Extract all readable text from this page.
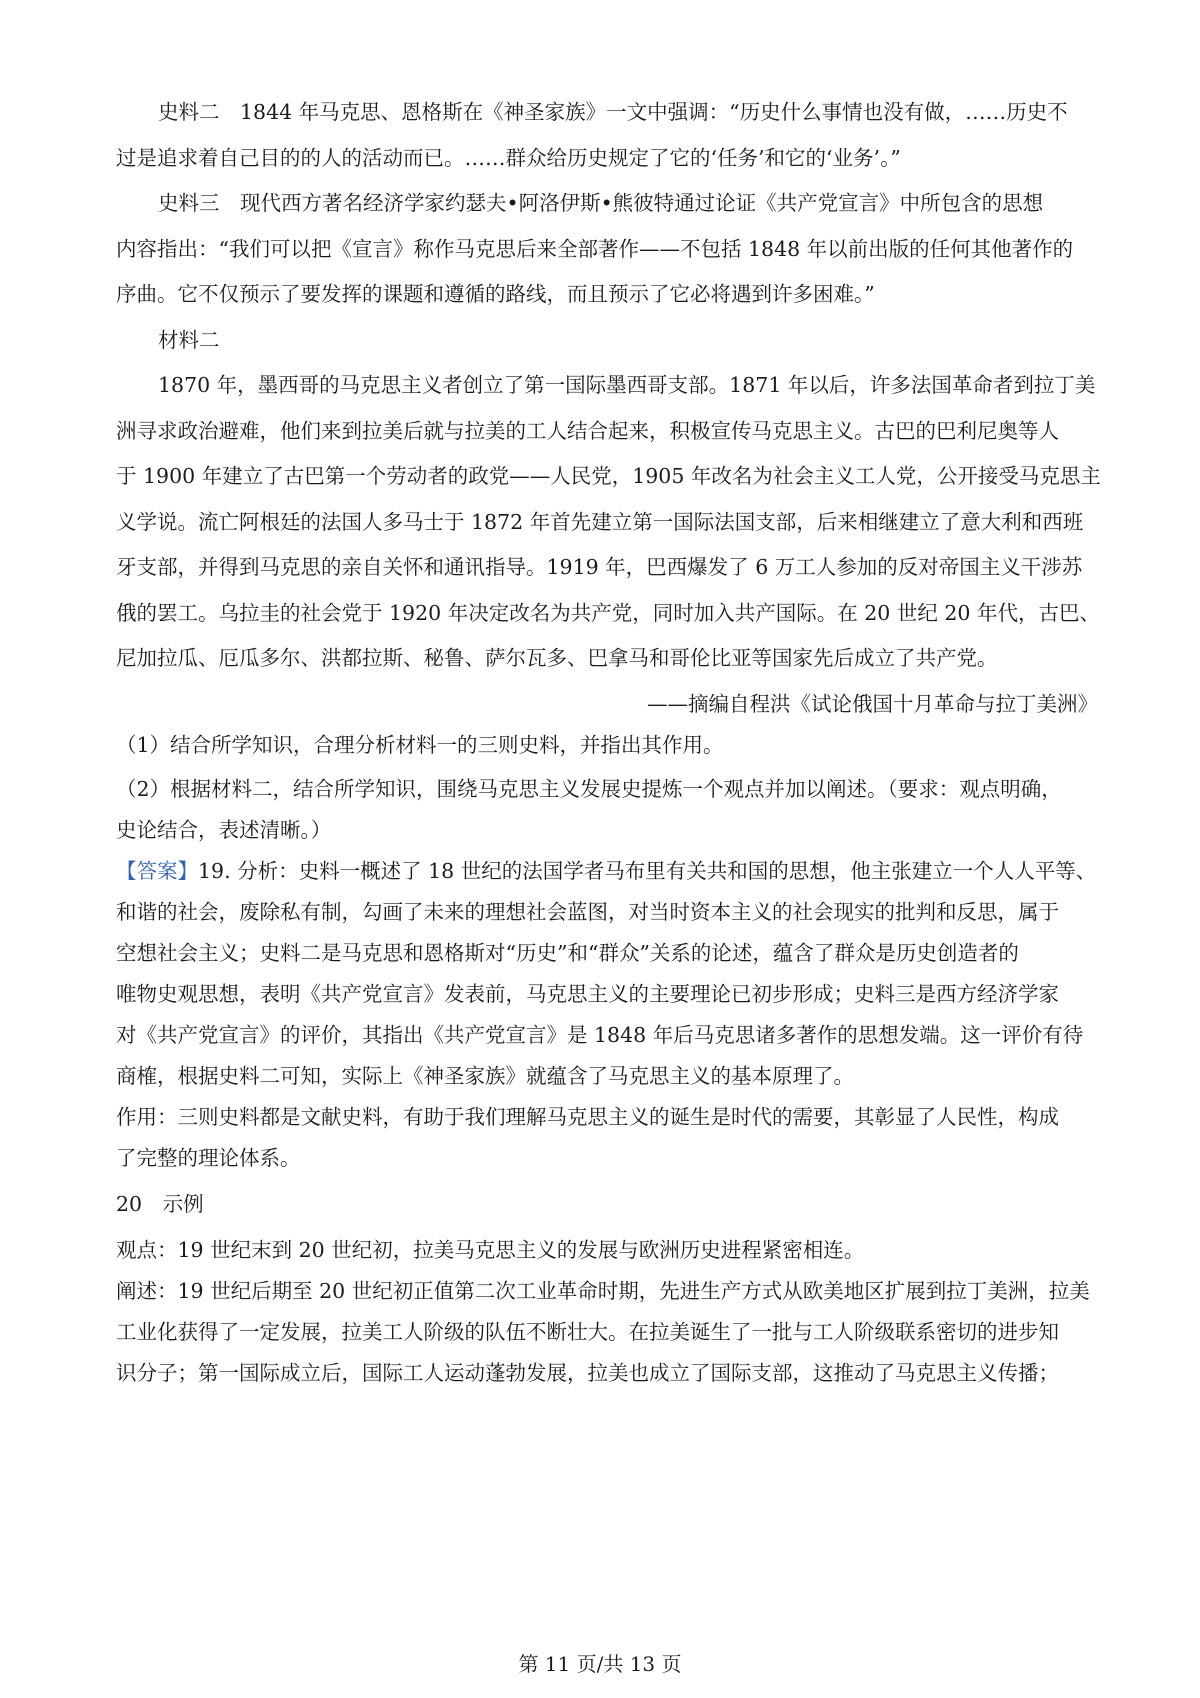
史料二　1844 年马克思、恩格斯在《神圣家族》一文中强调：“历史什么事情也没有做，……历史不

过是追求着自己目的的人的活动而已。……群众给历史规定了它的‘任务’和它的‘业务’。”

史料三　现代西方著名经济学家约瑟夫•阿洛伊斯•熊彼特通过论证《共产党宣言》中所包含的思想

内容指出：“我们可以把《宣言》称作马克思后来全部著作——不包括 1848 年以前出版的任何其他著作的

序曲。它不仅预示了要发挥的课题和遵循的路线，而且预示了它必将遇到许多困难。”

材料二

1870 年，墨西哥的马克思主义者创立了第一国际墨西哥支部。1871 年以后，许多法国革命者到拉丁美

洲寻求政治避难，他们来到拉美后就与拉美的工人结合起来，积极宣传马克思主义。古巴的巴利尼奥等人

于 1900 年建立了古巴第一个劳动者的政党——人民党，1905 年改名为社会主义工人党，公开接受马克思主

义学说。流亡阿根廷的法国人多马士于 1872 年首先建立第一国际法国支部，后来相继建立了意大利和西班

牙支部，并得到马克思的亲自关怀和通讯指导。1919 年，巴西爆发了 6 万工人参加的反对帝国主义干涉苏

俄的罢工。乌拉圭的社会党于 1920 年决定改名为共产党，同时加入共产国际。在 20 世纪 20 年代，古巴、

尼加拉瓜、厄瓜多尔、洪都拉斯、秘鲁、萨尔瓦多、巴拿马和哥伦比亚等国家先后成立了共产党。

——摘编自程洪《试论俄国十月革命与拉丁美洲》

（1）结合所学知识，合理分析材料一的三则史料，并指出其作用。

（2）根据材料二，结合所学知识，围绕马克思主义发展史提炼一个观点并加以阐述。（要求：观点明确，

史论结合，表述清晰。）

【答案】19. 分析：史料一概述了 18 世纪的法国学者马布里有关共和国的思想，他主张建立一个人人平等、

和谐的社会，废除私有制，勾画了未来的理想社会蓝图，对当时资本主义的社会现实的批判和反思，属于

空想社会主义；史料二是马克思和恩格斯对“历史”和“群众”关系的论述，蕴含了群众是历史创造者的

唯物史观思想，表明《共产党宣言》发表前，马克思主义的主要理论已初步形成；史料三是西方经济学家

对《共产党宣言》的评价，其指出《共产党宣言》是 1848 年后马克思诸多著作的思想发端。这一评价有待

商榷，根据史料二可知，实际上《神圣家族》就蕴含了马克思主义的基本原理了。

作用：三则史料都是文献史料，有助于我们理解马克思主义的诞生是时代的需要，其彰显了人民性，构成

了完整的理论体系。

20　示例

观点：19 世纪末到 20 世纪初，拉美马克思主义的发展与欧洲历史进程紧密相连。

阐述：19 世纪后期至 20 世纪初正值第二次工业革命时期，先进生产方式从欧美地区扩展到拉丁美洲，拉美

工业化获得了一定发展，拉美工人阶级的队伍不断壮大。在拉美诞生了一批与工人阶级联系密切的进步知

识分子；第一国际成立后，国际工人运动蓬勃发展，拉美也成立了国际支部，这推动了马克思主义传播；

第 11 页/共 13 页
